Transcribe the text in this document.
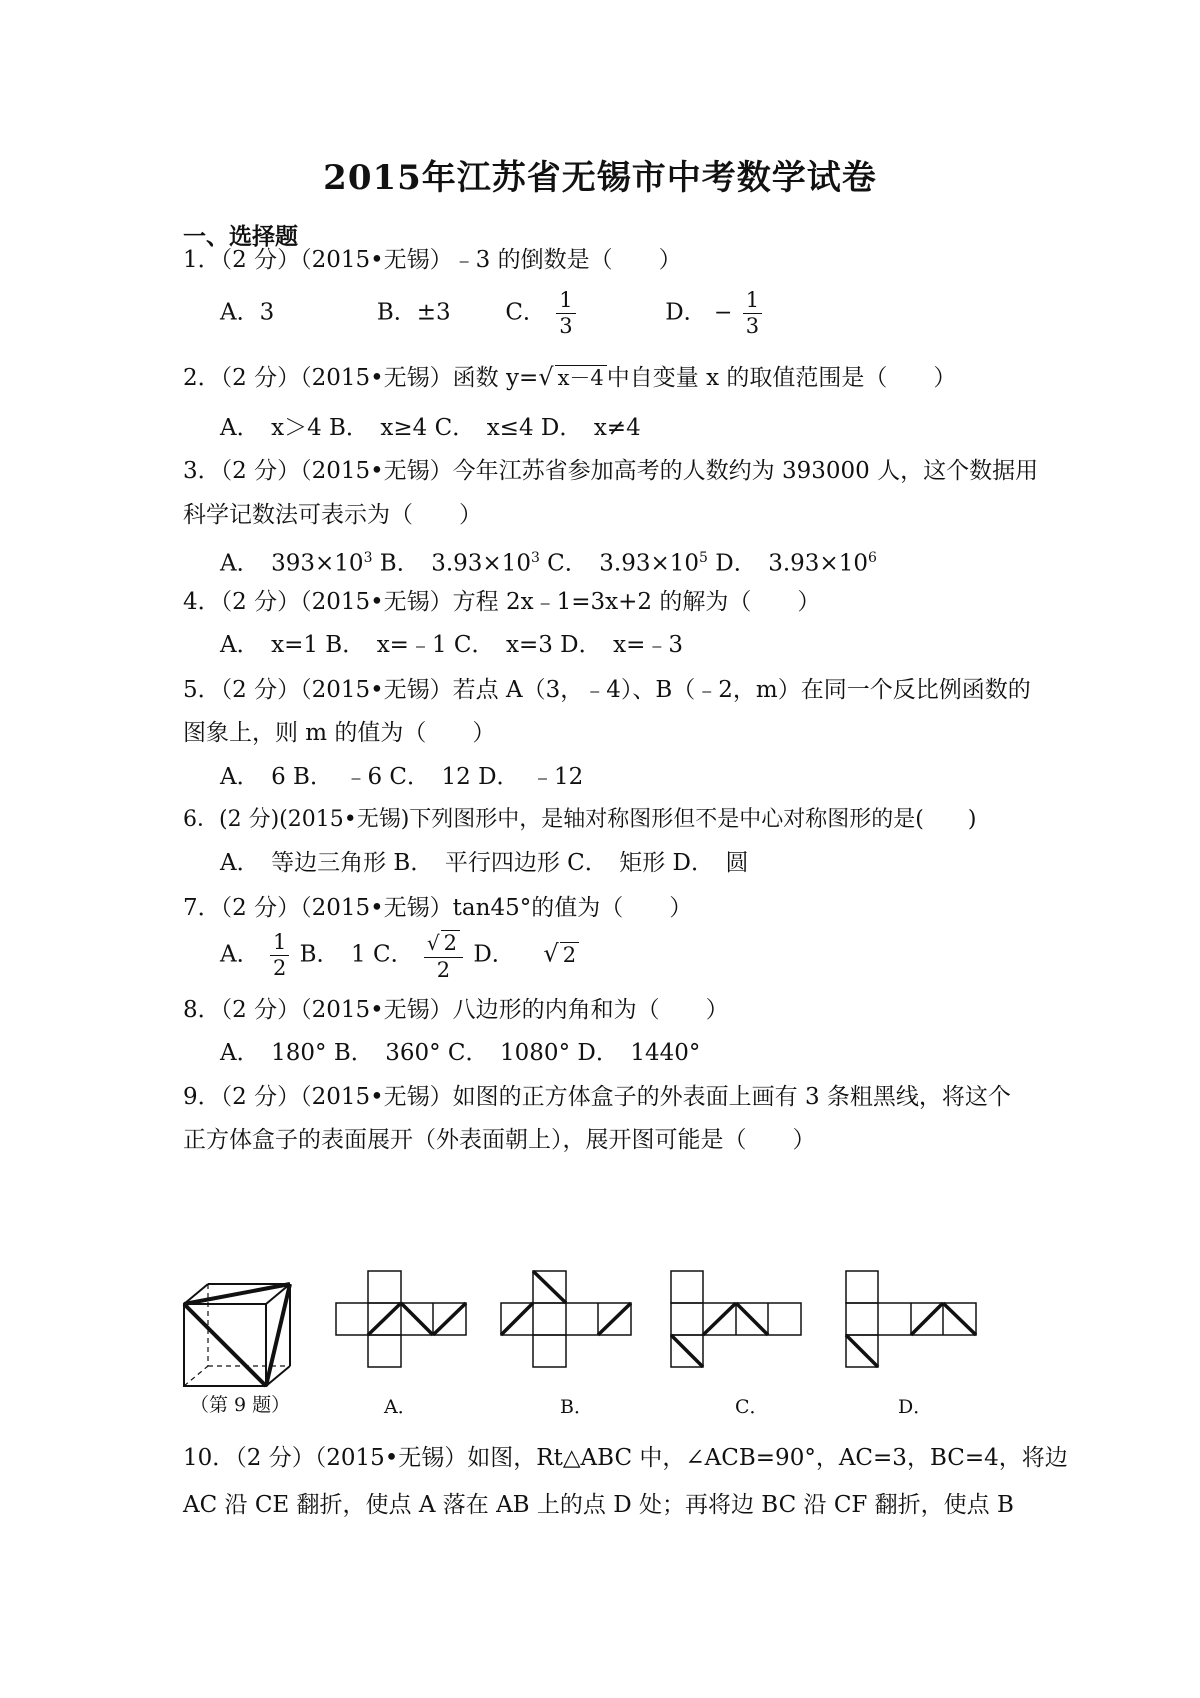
2015年江苏省无锡市中考数学试卷
一、选择题
1．（2 分）（2015•无锡）﹣3 的倒数是（　　）
A．3	B．±3 C． $\frac{1}{3}$	D． − $\frac{1}{3}$
2．（2 分）（2015•无锡）函数 y=√ x－4 中自变量 x 的取值范围是（　　）
A．　x＞4 B．　x≥4 C．　x≤4 D．　x≠4
3．（2 分）（2015•无锡）今年江苏省参加高考的人数约为 393000 人，这个数据用
科学记数法可表示为（　　）
A．　$393\times 10^3$ B．　$3.93\times 10^3$ C．　$3.93\times 10^5$ D．　$3.93\times 10^6$
4．（2 分）（2015•无锡）方程 2x﹣1=3x+2 的解为（　　）
A．　x=1 B．　x=﹣1 C．　x=3 D．　x=﹣3
5．（2 分）（2015•无锡）若点 A（3，﹣4）、B（﹣2，m）在同一个反比例函数的
图象上，则 m 的值为（　　）
A．　6 B．　﹣6 C．　12 D．　﹣12
6．(2 分)(2015•无锡)下列图形中，是轴对称图形但不是中心对称图形的是(　　)
A．　等边三角形 B．　平行四边形 C．　矩形 D．　圆
7．（2 分）（2015•无锡）tan45°的值为（　　）
A． $\frac{1}{2}$ B．　1 C． $\frac{√ 2}{2}$ D． √ 2
8．（2 分）（2015•无锡）八边形的内角和为（　　）
A．　180° B．　360° C．　1080° D．　1440°
9．（2 分）（2015•无锡）如图的正方体盒子的外表面上画有 3 条粗黑线，将这个
正方体盒子的表面展开（外表面朝上），展开图可能是（　　）
（第 9 题）	A．	B．	C．	D．
10．（2 分）（2015•无锡）如图，Rt△ABC 中，∠ACB=90°，AC=3，BC=4，将边
AC 沿 CE 翻折，使点 A 落在 AB 上的点 D 处；再将边 BC 沿 CF 翻折，使点 B
